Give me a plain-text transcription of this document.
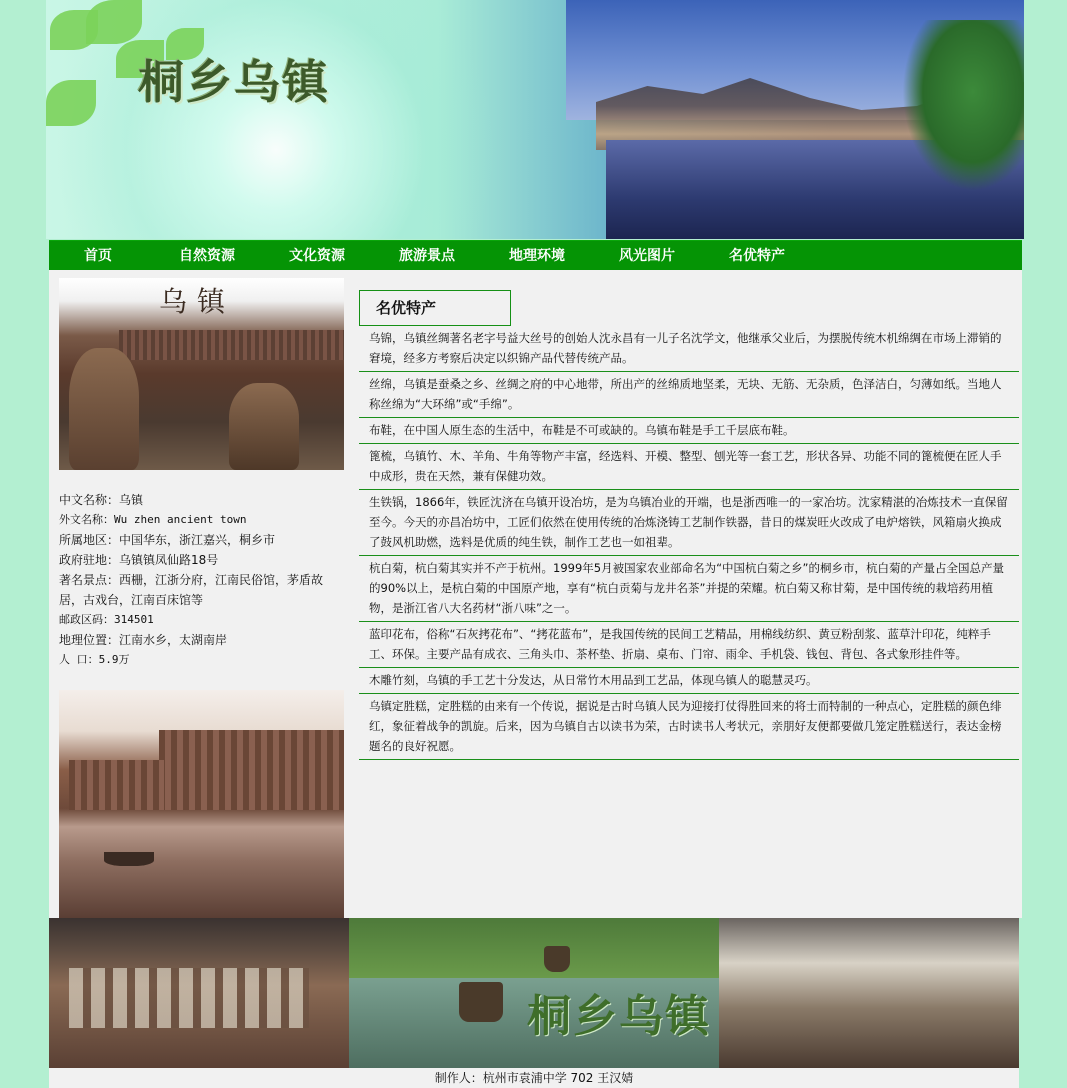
桐乡乌镇
首页	自然资源	文化资源	旅游景点	地理环境	风光图片	名优特产
乌镇
中文名称：乌镇
外文名称：Wu zhen ancient town
所属地区：中国华东，浙江嘉兴，桐乡市
政府驻地：乌镇镇凤仙路18号
著名景点：西栅，江浙分府，江南民俗馆，茅盾故
居，古戏台，江南百床馆等
邮政区码：314501
地理位置：江南水乡，太湖南岸
人 口：5.9万
名优特产
乌锦，乌镇丝绸著名老字号益大丝号的创始人沈永昌有一儿子名沈学文，他继承父业后，为摆脱传统木机绵绸在市场上滞销的窘境，经多方考察后决定以织锦产品代替传统产品。
丝绵，乌镇是蚕桑之乡、丝绸之府的中心地带，所出产的丝绵质地坚柔，无块、无筋、无杂质，色泽洁白，匀薄如纸。当地人称丝绵为“大环绵”或“手绵”。
布鞋，在中国人原生态的生活中，布鞋是不可或缺的。乌镇布鞋是手工千层底布鞋。
篦梳，乌镇竹、木、羊角、牛角等物产丰富，经选料、开模、整型、刨光等一套工艺，形状各异、功能不同的篦梳便在匠人手中成形，贵在天然，兼有保健功效。
生铁锅，1866年，铁匠沈济在乌镇开设冶坊，是为乌镇冶业的开端，也是浙西唯一的一家冶坊。沈家精湛的冶炼技术一直保留至今。今天的亦昌冶坊中，工匠们依然在使用传统的冶炼浇铸工艺制作铁器，昔日的煤炭旺火改成了电炉熔铁，风箱扇火换成了鼓风机助燃，选料是优质的纯生铁，制作工艺也一如祖辈。
杭白菊，杭白菊其实并不产于杭州。1999年5月被国家农业部命名为“中国杭白菊之乡”的桐乡市，杭白菊的产量占全国总产量的90%以上，是杭白菊的中国原产地，享有“杭白贡菊与龙井名茶”并提的荣耀。杭白菊又称甘菊，是中国传统的栽培药用植物，是浙江省八大名药材“浙八味”之一。
蓝印花布，俗称“石灰拷花布”、“拷花蓝布”，是我国传统的民间工艺精品，用棉线纺织、黄豆粉刮浆、蓝草汁印花，纯粹手工、环保。主要产品有成衣、三角头巾、茶杯垫、折扇、桌布、门帘、雨伞、手机袋、钱包、背包、各式象形挂件等。
木雕竹刻，乌镇的手工艺十分发达，从日常竹木用品到工艺品，体现乌镇人的聪慧灵巧。
乌镇定胜糕，定胜糕的由来有一个传说，据说是古时乌镇人民为迎接打仗得胜回来的将士而特制的一种点心，定胜糕的颜色绯红，象征着战争的凯旋。后来，因为乌镇自古以读书为荣，古时读书人考状元，亲朋好友便都要做几笼定胜糕送行，表达金榜题名的良好祝愿。
桐乡乌镇
制作人：杭州市袁浦中学 702 王汉婧
